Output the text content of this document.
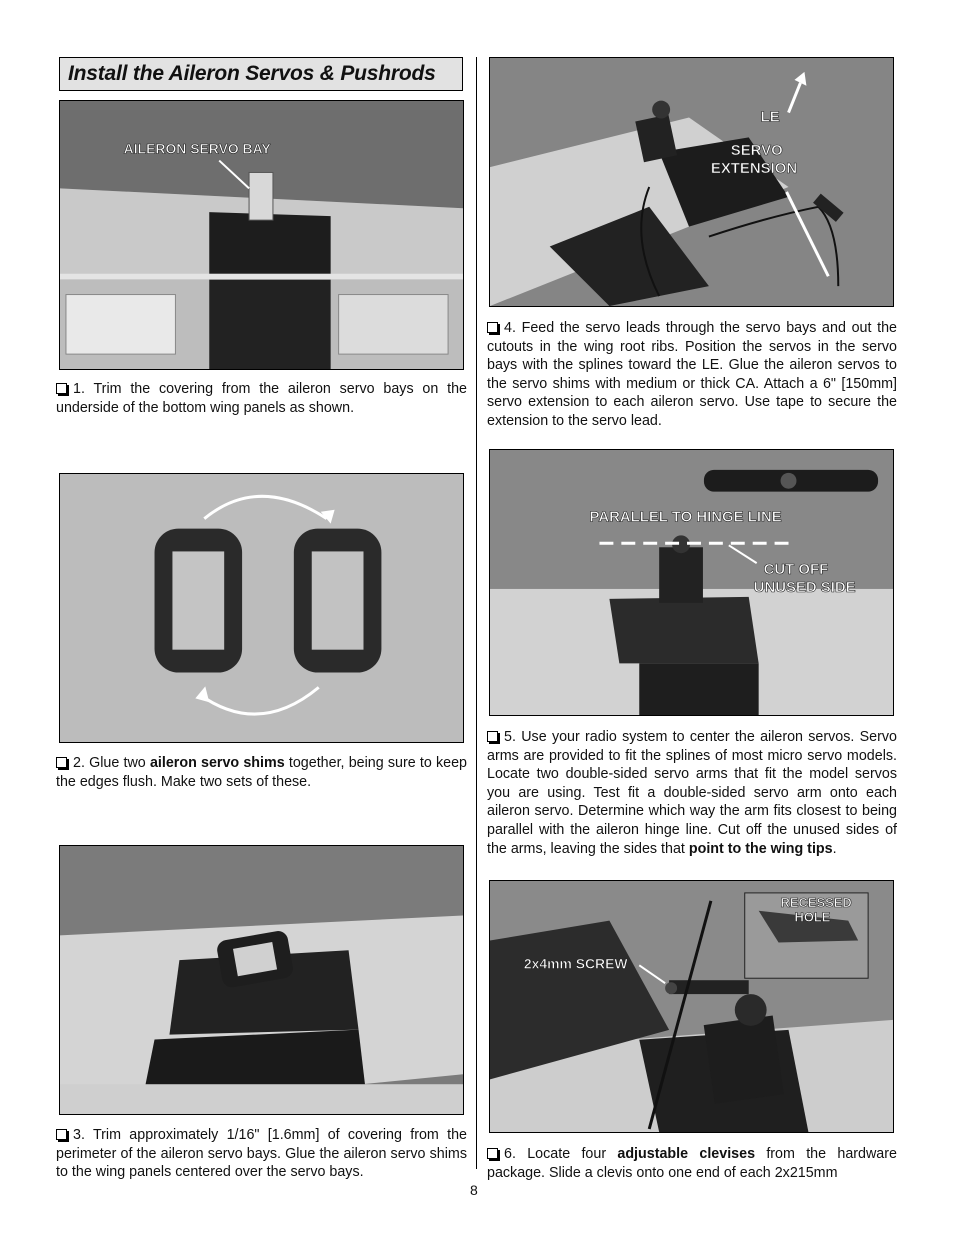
Install the Aileron Servos & Pushrods
AILERON SERVO BAY
1. Trim the covering from the aileron servo bays on the underside of the bottom wing panels as shown.
2. Glue two aileron servo shims together, being sure to keep the edges flush. Make two sets of these.
3. Trim approximately 1/16" [1.6mm] of covering from the perimeter of the aileron servo bays. Glue the aileron servo shims to the wing panels centered over the servo bays.
LE
SERVO
EXTENSION
4. Feed the servo leads through the servo bays and out the cutouts in the wing root ribs. Position the servos in the servo bays with the splines toward the LE. Glue the aileron servos to the servo shims with medium or thick CA. Attach a 6" [150mm] servo extension to each aileron servo. Use tape to secure the extension to the servo lead.
PARALLEL TO HINGE LINE
CUT OFF
UNUSED SIDE
5. Use your radio system to center the aileron servos. Servo arms are provided to fit the splines of most micro servo models. Locate two double-sided servo arms that fit the model servos you are using. Test fit a double-sided servo arm onto each aileron servo. Determine which way the arm fits closest to being parallel with the aileron hinge line. Cut off the unused sides of the arms, leaving the sides that point to the wing tips.
RECESSED
HOLE
2x4mm SCREW
6. Locate four adjustable clevises from the hardware package. Slide a clevis onto one end of each 2x215mm
8
